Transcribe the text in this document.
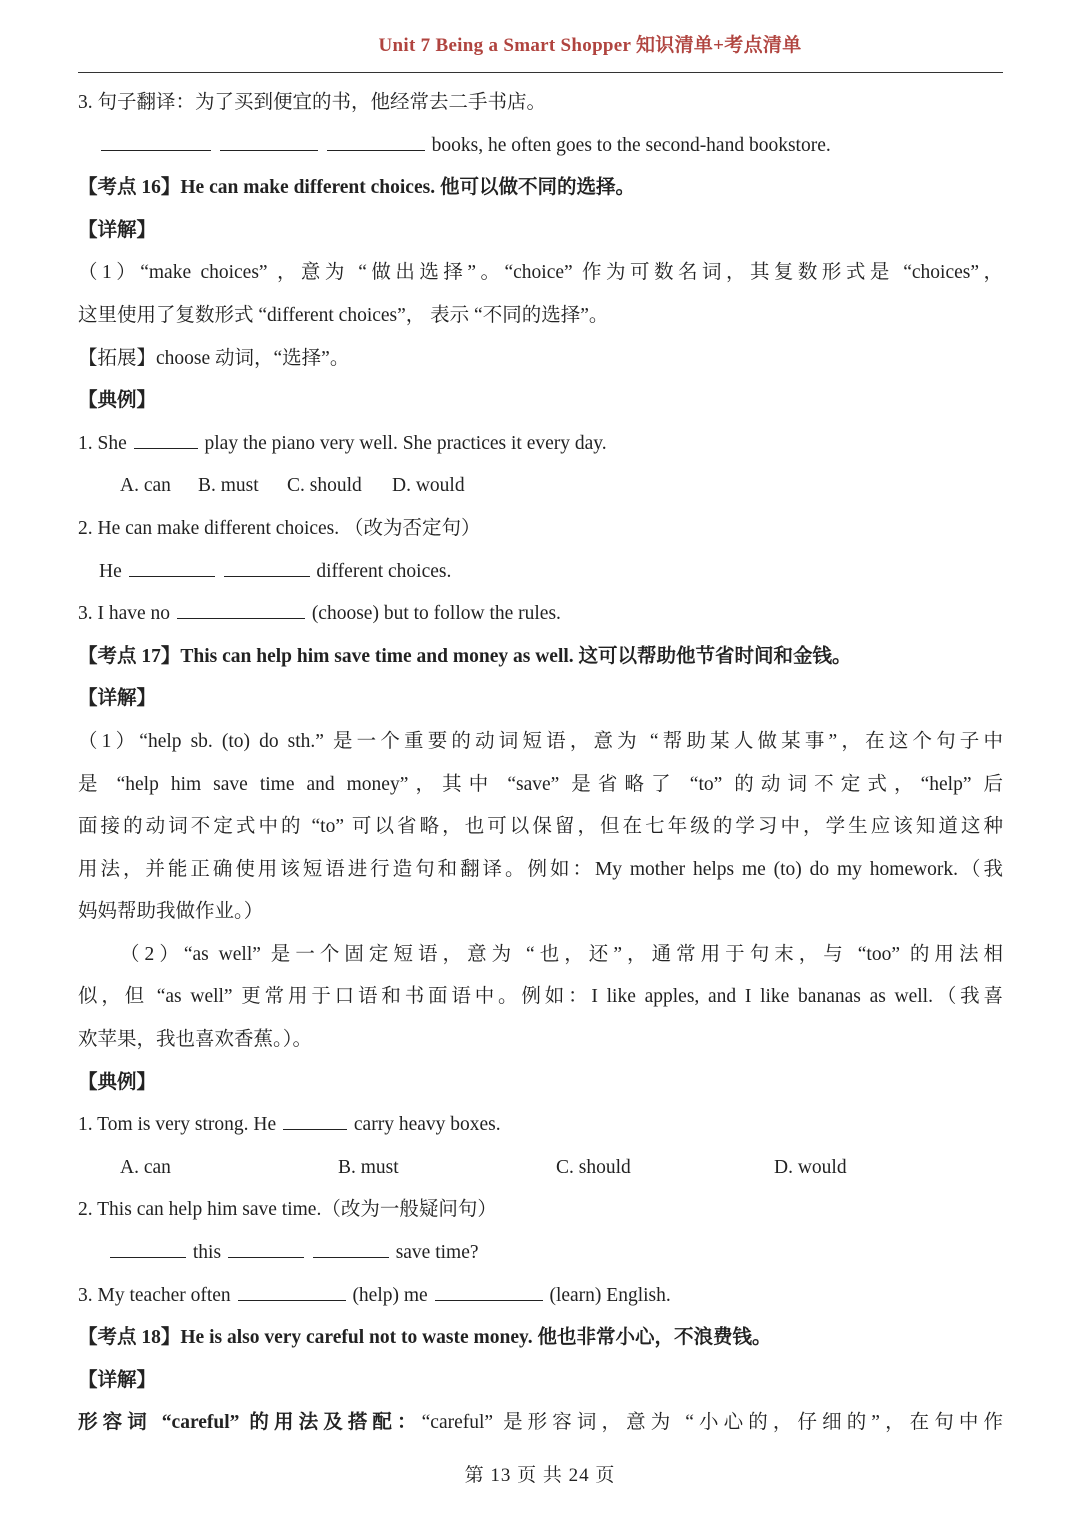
Unit 7 Being a Smart Shopper 知识清单+考点清单

3. 句子翻译：为了买到便宜的书，他经常去二手书店。

books, he often goes to the second-hand bookstore.

【考点 16】He can make different choices. 他可以做不同的选择。

【详解】

（1）“make choices” ，意为 “做出选择”。“choice” 作为可数名词，其复数形式是 “choices”，

这里使用了复数形式 “different choices”， 表示 “不同的选择”。

【拓展】choose 动词，“选择”。

【典例】

1. She	play the piano very well. She practices it every day.

A. can B. must C. should D. would

2. He can make different choices. （改为否定句）

He	different choices.

3. I have no	(choose) but to follow the rules.

【考点 17】This can help him save time and money as well. 这可以帮助他节省时间和金钱。

【详解】

（1）“help sb. (to) do sth.” 是一个重要的动词短语，意为 “帮助某人做某事”，在这个句子中

是 “help him save time and money”，其中 “save” 是省略了 “to” 的动词不定式，“help” 后

面接的动词不定式中的 “to” 可以省略，也可以保留，但在七年级的学习中，学生应该知道这种

用法，并能正确使用该短语进行造句和翻译。例如：My mother helps me (to) do my homework.（我

妈妈帮助我做作业。）

（2）“as well” 是一个固定短语，意为 “也，还”，通常用于句末，与 “too” 的用法相

似，但 “as well” 更常用于口语和书面语中。例如：I like apples, and I like bananas as well.（我喜

欢苹果，我也喜欢香蕉。）。

【典例】

1. Tom is very strong. He	carry heavy boxes.

A. can	B. must	C. should	D. would

2. This can help him save time.（改为一般疑问句）

this	save time?

3. My teacher often	(help) me	(learn) English.

【考点 18】He is also very careful not to waste money. 他也非常小心，不浪费钱。

【详解】

形容词 “careful” 的用法及搭配：“careful” 是形容词，意为 “小心的，仔细的”，在句中作

第 13 页 共 24 页
